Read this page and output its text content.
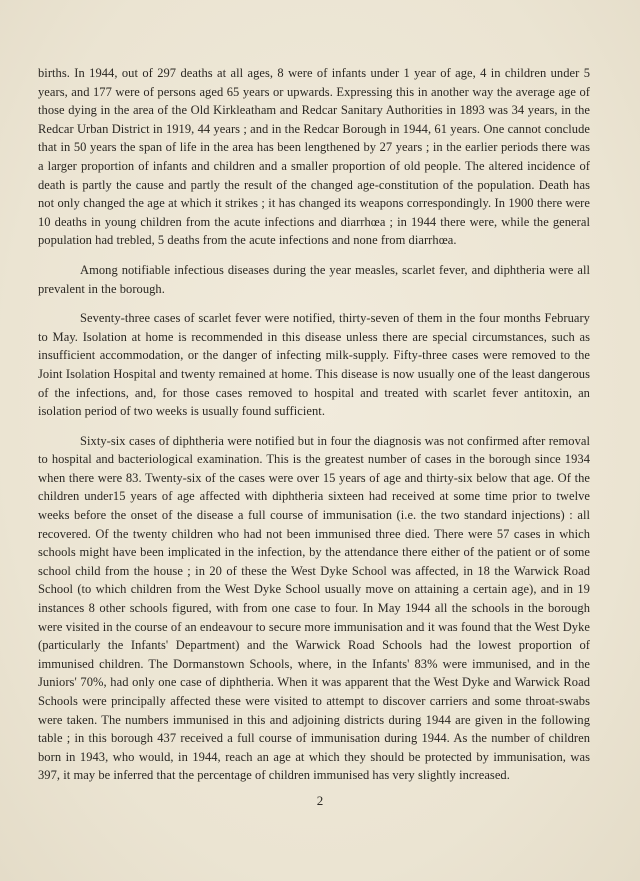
births. In 1944, out of 297 deaths at all ages, 8 were of infants under 1 year of age, 4 in children under 5 years, and 177 were of persons aged 65 years or upwards. Expressing this in another way the average age of those dying in the area of the Old Kirkleatham and Redcar Sanitary Authorities in 1893 was 34 years, in the Redcar Urban District in 1919, 44 years ; and in the Redcar Borough in 1944, 61 years. One cannot conclude that in 50 years the span of life in the area has been lengthened by 27 years ; in the earlier periods there was a larger proportion of infants and children and a smaller proportion of old people. The altered incidence of death is partly the cause and partly the result of the changed age-constitution of the population. Death has not only changed the age at which it strikes ; it has changed its weapons correspondingly. In 1900 there were 10 deaths in young children from the acute infections and diarrhœa ; in 1944 there were, while the general population had trebled, 5 deaths from the acute infections and none from diarrhœa.

Among notifiable infectious diseases during the year measles, scarlet fever, and diphtheria were all prevalent in the borough.

Seventy-three cases of scarlet fever were notified, thirty-seven of them in the four months February to May. Isolation at home is recommended in this disease unless there are special circumstances, such as insufficient accommodation, or the danger of infecting milk-supply. Fifty-three cases were removed to the Joint Isolation Hospital and twenty remained at home. This disease is now usually one of the least dangerous of the infections, and, for those cases removed to hospital and treated with scarlet fever antitoxin, an isolation period of two weeks is usually found sufficient.

Sixty-six cases of diphtheria were notified but in four the diagnosis was not confirmed after removal to hospital and bacteriological examination. This is the greatest number of cases in the borough since 1934 when there were 83. Twenty-six of the cases were over 15 years of age and thirty-six below that age. Of the children under15 years of age affected with diphtheria sixteen had received at some time prior to twelve weeks before the onset of the disease a full course of immunisation (i.e. the two standard injections) : all recovered. Of the twenty children who had not been immunised three died. There were 57 cases in which schools might have been implicated in the infection, by the attendance there either of the patient or of some school child from the house ; in 20 of these the West Dyke School was affected, in 18 the Warwick Road School (to which children from the West Dyke School usually move on attaining a certain age), and in 19 instances 8 other schools figured, with from one case to four. In May 1944 all the schools in the borough were visited in the course of an endeavour to secure more immunisation and it was found that the West Dyke (particularly the Infants' Department) and the Warwick Road Schools had the lowest proportion of immunised children. The Dormanstown Schools, where, in the Infants' 83% were immunised, and in the Juniors' 70%, had only one case of diphtheria. When it was apparent that the West Dyke and Warwick Road Schools were principally affected these were visited to attempt to discover carriers and some throat-swabs were taken. The numbers immunised in this and adjoining districts during 1944 are given in the following table ; in this borough 437 received a full course of immunisation during 1944. As the number of children born in 1943, who would, in 1944, reach an age at which they should be protected by immunisation, was 397, it may be inferred that the percentage of children immunised has very slightly increased.

2
